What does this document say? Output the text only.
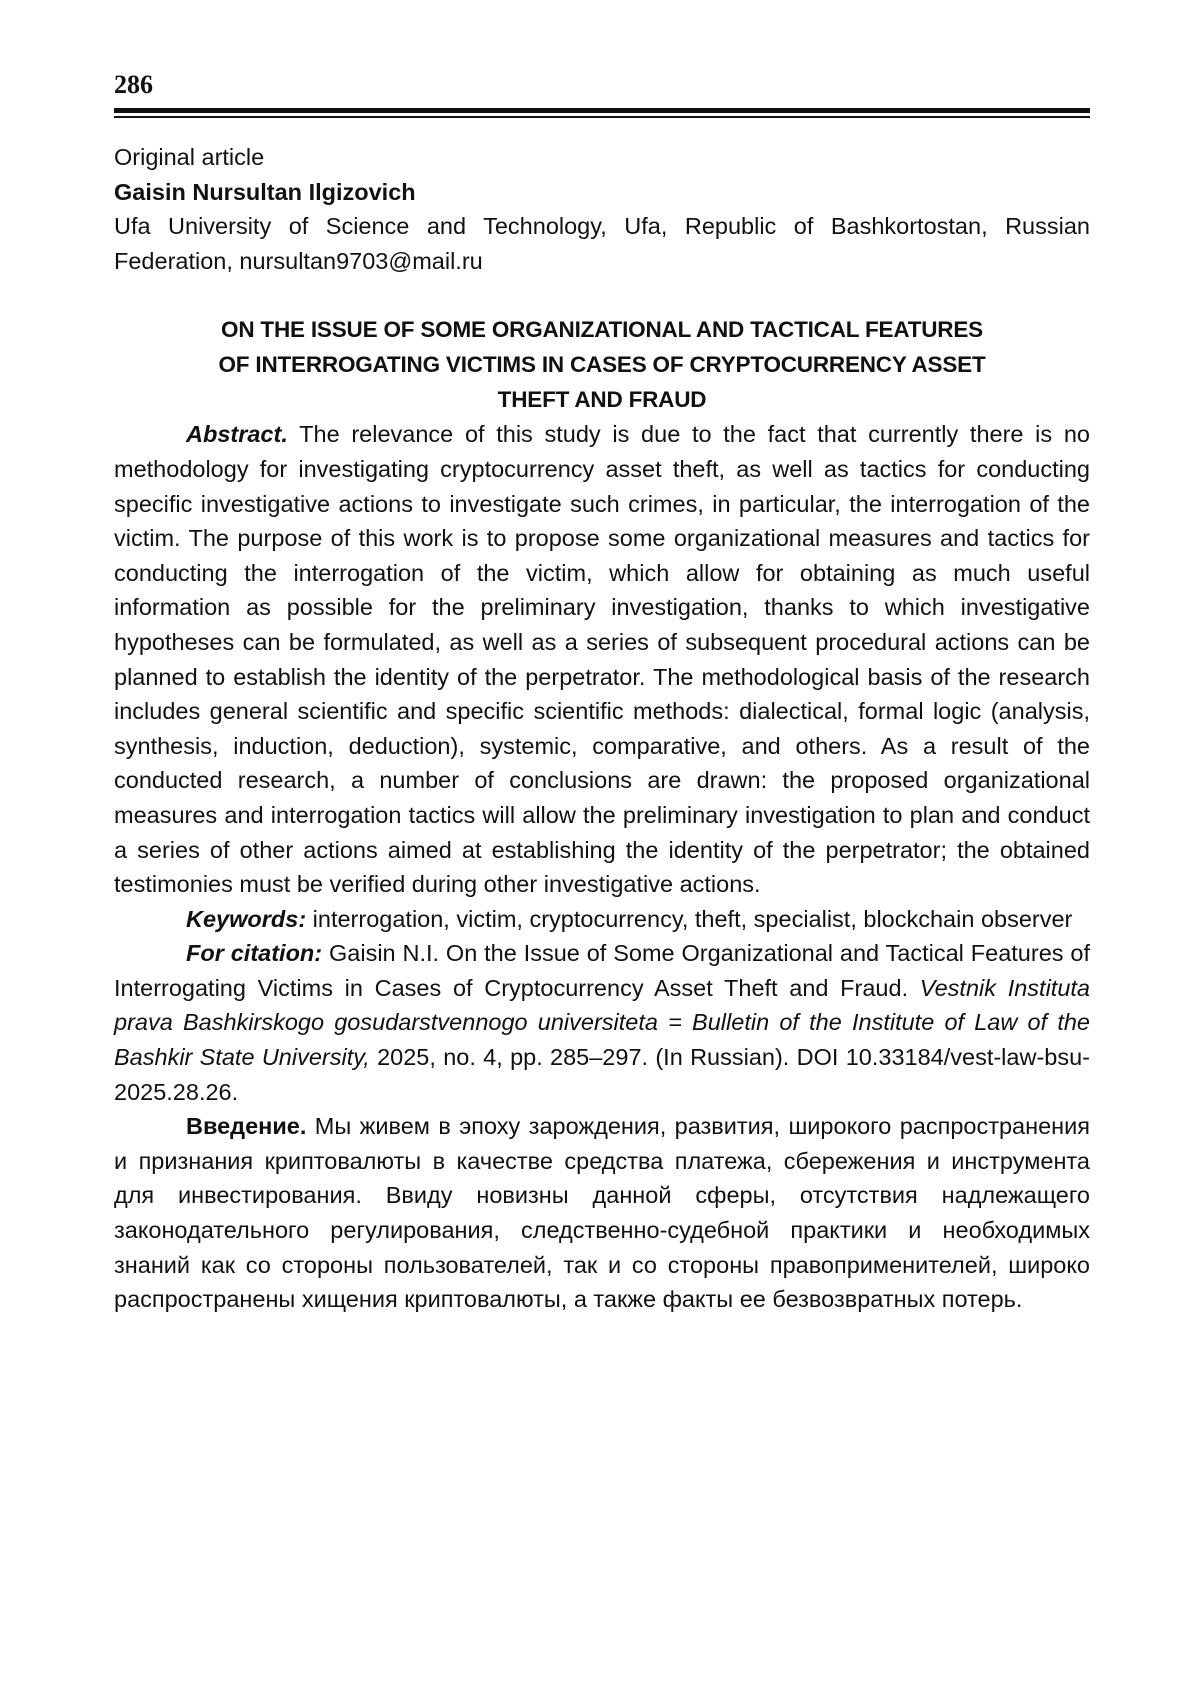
286

Original article

Gaisin Nursultan Ilgizovich

Ufa University of Science and Technology, Ufa, Republic of Bashkortostan, Russian Federation, nursultan9703@mail.ru

ON THE ISSUE OF SOME ORGANIZATIONAL AND TACTICAL FEATURES
OF INTERROGATING VICTIMS IN CASES OF CRYPTOCURRENCY ASSET
THEFT AND FRAUD

Abstract. The relevance of this study is due to the fact that currently there is no methodology for investigating cryptocurrency asset theft, as well as tactics for conducting specific investigative actions to investigate such crimes, in particular, the interrogation of the victim. The purpose of this work is to propose some organizational measures and tactics for conducting the interrogation of the victim, which allow for obtaining as much useful information as possible for the preliminary investigation, thanks to which investigative hypotheses can be formulated, as well as a series of subsequent procedural actions can be planned to establish the identity of the perpetrator. The methodological basis of the research includes general scientific and specific scientific methods: dialectical, formal logic (analysis, synthesis, induction, deduction), systemic, comparative, and others. As a result of the conducted research, a number of conclusions are drawn: the proposed organizational measures and interrogation tactics will allow the preliminary investigation to plan and conduct a series of other actions aimed at establishing the identity of the perpetrator; the obtained testimonies must be verified during other investigative actions.

Keywords: interrogation, victim, cryptocurrency, theft, specialist, blockchain observer

For citation: Gaisin N.I. On the Issue of Some Organizational and Tactical Features of Interrogating Victims in Cases of Cryptocurrency Asset Theft and Fraud. Vestnik Instituta prava Bashkirskogo gosudarstvennogo universiteta = Bulletin of the Institute of Law of the Bashkir State University, 2025, no. 4, pp. 285–297. (In Russian). DOI 10.33184/vest-law-bsu-2025.28.26.

Введение. Мы живем в эпоху зарождения, развития, широкого распространения и признания криптовалюты в качестве средства платежа, сбережения и инструмента для инвестирования. Ввиду новизны данной сферы, отсутствия надлежащего законодательного регулирования, следственно-судебной практики и необходимых знаний как со стороны пользователей, так и со стороны правоприменителей, широко распространены хищения криптовалюты, а также факты ее безвозвратных потерь.
